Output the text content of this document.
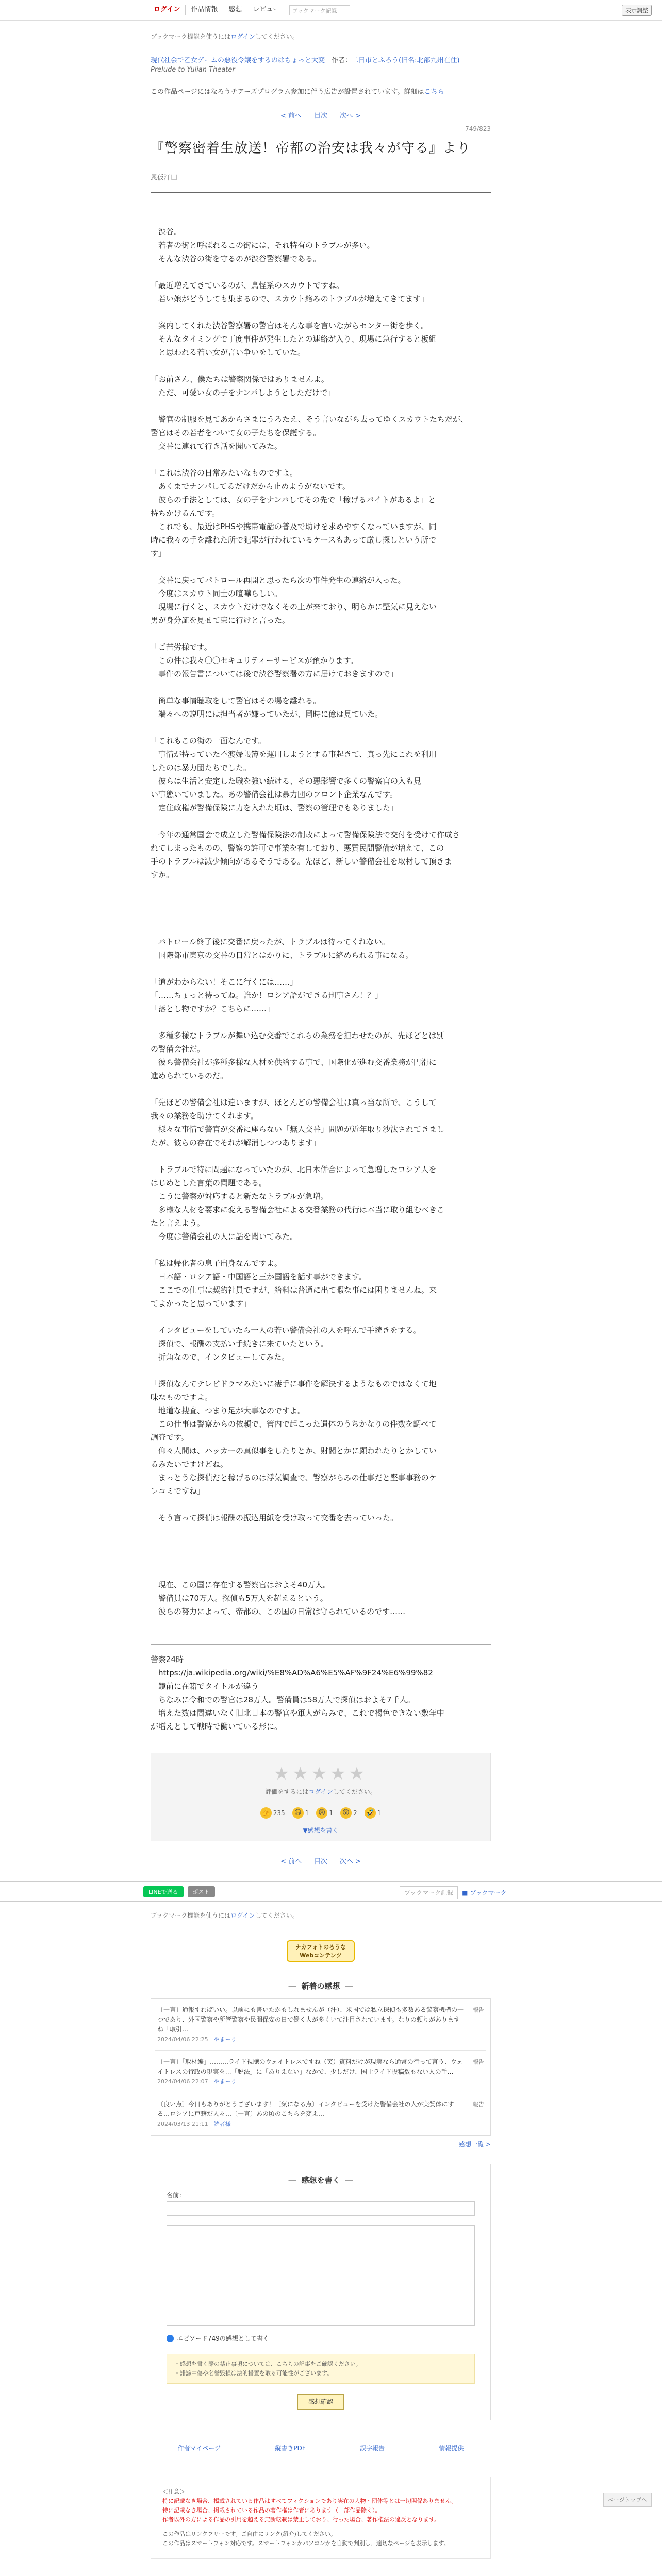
ログイン	作品情報	感想	レビュー	ブックマーク記録	表示調整
ブックマーク機能を使うにはログインしてください。
現代社会で乙女ゲームの悪役令嬢をするのはちょっと大変　 作者：二日市とふろう(旧名:北部九州在住)
Prelude to Yulian Theater
この作品ページにはなろうチアーズプログラム参加に伴う広告が設置されています。詳細はこちら
< 前へ 目次 次へ >
749/823
『警察密着生放送！帝都の治安は我々が守る』より
恩仮汗田

　渋谷。

　若者の街と呼ばれるこの街には、それ特有のトラブルが多い。

　そんな渋谷の街を守るのが渋谷警察署である。

「最近増えてきているのが、鳥怪系のスカウトですね。

　若い娘がどうしても集まるので、スカウト絡みのトラブルが増えてきてます」

　案内してくれた渋谷警察署の警官はそんな事を言いながらセンター街を歩く。

　そんなタイミングで丁度事件が発生したとの連絡が入り、現場に急行すると板組

　と思われる若い女が言い争いをしていた。

「お前さん、僕たちは警察関係ではありませんよ。

　ただ、可愛い女の子をナンパしようとしただけで」

　警官の制服を見てあからさまにうろたえ、そう言いながら去ってゆくスカウトたちだが、

警官はその若者をついて女の子たちを保護する。

　交番に連れて行き話を聞いてみた。

「これは渋谷の日常みたいなものですよ。

　あくまでナンパしてるだけだから止めようがないです。

　彼らの手法としては、女の子をナンパしてその先で「稼げるバイトがあるよ」と

持ちかけるんです。

　これでも、最近はPHSや携帯電話の普及で助けを求めやすくなっていますが、同

時に我々の手を離れた所で犯罪が行われているケースもあって厳し探しという所で

す」

　交番に戻ってパトロール再開と思ったら次の事件発生の連絡が入った。

　今度はスカウト同士の喧嘩らしい。

　現場に行くと、スカウトだけでなくその上が来ており、明らかに堅気に見えない

男が身分証を見せて束に行けと言った。

「ご苦労様です。

　この件は我々〇〇セキュリティーサービスが預かります。

　事件の報告書については後で渋谷警察署の方に届けておきますので」

　簡単な事情聴取をして警官はその場を離れる。

　端々への説明には担当者が嫌っていたが、同時に億は見ていた。

「これもこの街の一面なんです。

　事情が持っていた不渡婦帳簿を運用しようとする事起きて、真っ先にこれを利用

したのは暴力団たちでした。

　彼らは生活と安定した職を強い続ける、その悪影響で多くの警察官の入も見

い事態いていました。あの警備会社は暴力団のフロント企業なんです。

　定住政権が警備保険に力を入れた頃は、警察の管理でもありました」

　今年の通常国会で成立した警備保険法の制改によって警備保険法で交付を受けて作成さ

れてしまったものの、警察の許可で事業を有しており、悪質民間警備が増えて、この

手のトラブルは減少傾向があるそうである。先ほど、新しい警備会社を取材して頂きま

すか。

　パトロール終了後に交番に戻ったが、トラブルは待ってくれない。

　国際都市東京の交番の日常とはかりに、トラブルに絡められる事になる。

「道がわからない！そこに行くには……」

「……ちょっと待ってね。誰か！ロシア語ができる刑事さん！？」

「落とし物ですか？こちらに……」

　多種多様なトラブルが舞い込む交番でこれらの業務を担わせたのが、先ほどとは別

の警備会社だ。

　彼ら警備会社が多種多様な人材を供給する事で、国際化が進む交番業務が円滑に

進められているのだ。

「先ほどの警備会社は違いますが、ほとんどの警備会社は真っ当な所で、こうして

我々の業務を助けてくれます。

　様々な事情で警官が交番に座らない「無人交番」問題が近年取り沙汰されてきまし

たが、彼らの存在でそれが解消しつつあります」

　トラブルで特に問題になっていたのが、北日本併合によって急増したロシア人を

はじめとした言葉の問題である。

　こうに警察が対応すると新たなトラブルが急増。

　多様な人材を要求に変える警備会社による交番業務の代行は本当に取り組むべきこ

たと言えよう。

　今度は警備会社の人に話を聞いてみた。

「私は帰化者の息子出身なんですよ。

　日本語・ロシア語・中国語と三か国語を話す事ができます。

　ここでの仕事は契約社員ですが、給料は普通に出て暇な事には困りませんね。来

てよかったと思っています」

　インタビューをしていたら一人の若い警備会社の人を呼んで手続きをする。

　探偵で、報酬の支払い手続きに来ていたという。

　折角なので、インタビューしてみた。

「探偵なんてテレビドラマみたいに凄手に事件を解決するようなものではなくて地

味なものですよ。

　地道な捜査、つまり足が大事なのですよ。

　この仕事は警察からの依頼で、管内で起こった遺体のうちかなりの件数を調べて

調査です。

　仰々人間は、ハッカーの真似事をしたりとか、財閥とかに顕われたりとかしてい

るみたいですけどね。

　まっとうな探偵だと稼げるのは浮気調査で、警察がらみの仕事だと堅事事務のケ

レコミですね」

　そう言って探偵は報酬の振込用紙を受け取って交番を去っていった。

　現在、この国に存在する警察官はおよそ40万人。

　警備員は70万人。探偵も5万人を超えるという。

　彼らの努力によって、帝都の、この国の日常は守られているのです……

警察24時

　https://ja.wikipedia.org/wiki/%E8%AD%A6%E5%AF%9F24%E6%99%82

　鏡前に在籍でタイトルが違う

　ちなみに令和での警官は28万人。警備員は58万人で探偵はおよそ7千人。

　増えた数は間違いなく旧北日本の警官や軍人がらみで、これで褐色できない数年中

が増えとして戦時で働いている形に。

★★★★★
評価をするにはログインしてください。
👍 235	😃 1	😢 1	😲 2 🤣 1
▼感想を書く
< 前へ 目次 次へ >
ページトップへ
LINEで送る	ポスト	ブックマーク記録	■ ブックマーク
ブックマーク機能を使うにはログインしてください。
ナカフォトのろうな
Webコンテンツ
― 新着の感想 ―
〔一言〕通報すればいい。以前にも書いたかもしれませんが（汗）、米国では私立探偵も多数ある警察機構の一つであり、外国警察や所管警察や民間保安の日で働く人が多くいて注目されています。なりの頼りがありますね「取引…
2024/04/06 22:25　やまーり
報告
〔一言〕「取材編」………ライド視聴のウェイトレスですね（笑）資料だけが現実なら通常の行って言う、ウェイトレスの行政の現実を…「脱法」に「ありえない」なかで、少しだけ、国士ライド投稿数もない人の手…
2024/04/06 22:07　やまーり
報告
〔良い点〕今日もありがとうございます！〔気になる点〕インタビューを受けた警備会社の人が実質体にする…ロシアに戸籍だ人々…〔一言〕あの頃のこちらを変え…
2024/03/13 21:11　読者様
報告
感想一覧 >
― 感想を書く ―
名前：
エピソード749の感想として書く

・感想を書く際の禁止事項については、こちらの記事をご確認ください。

・誹謗中傷や名誉毀損は法的措置を取る可能性がございます。

感想確認
作者マイページ	縦書きPDF	誤字報告	情報提供
＜注意＞

特に記載なき場合、掲載されている作品はすべてフィクションであり実在の人物・団体等とは一切関係ありません。

特に記載なき場合、掲載されている作品の著作権は作者にあります（一部作品除く）。

作者以外の方による作品の引用を超える無断転載は禁止しており、行った場合、著作権法の違反となります。

この作品はリンクフリーです。ご自由にリンク(紹介)してください。

この作品はスマートフォン対応です。スマートフォンかパソコンかを自動で判別し、適切なページを表示します。
